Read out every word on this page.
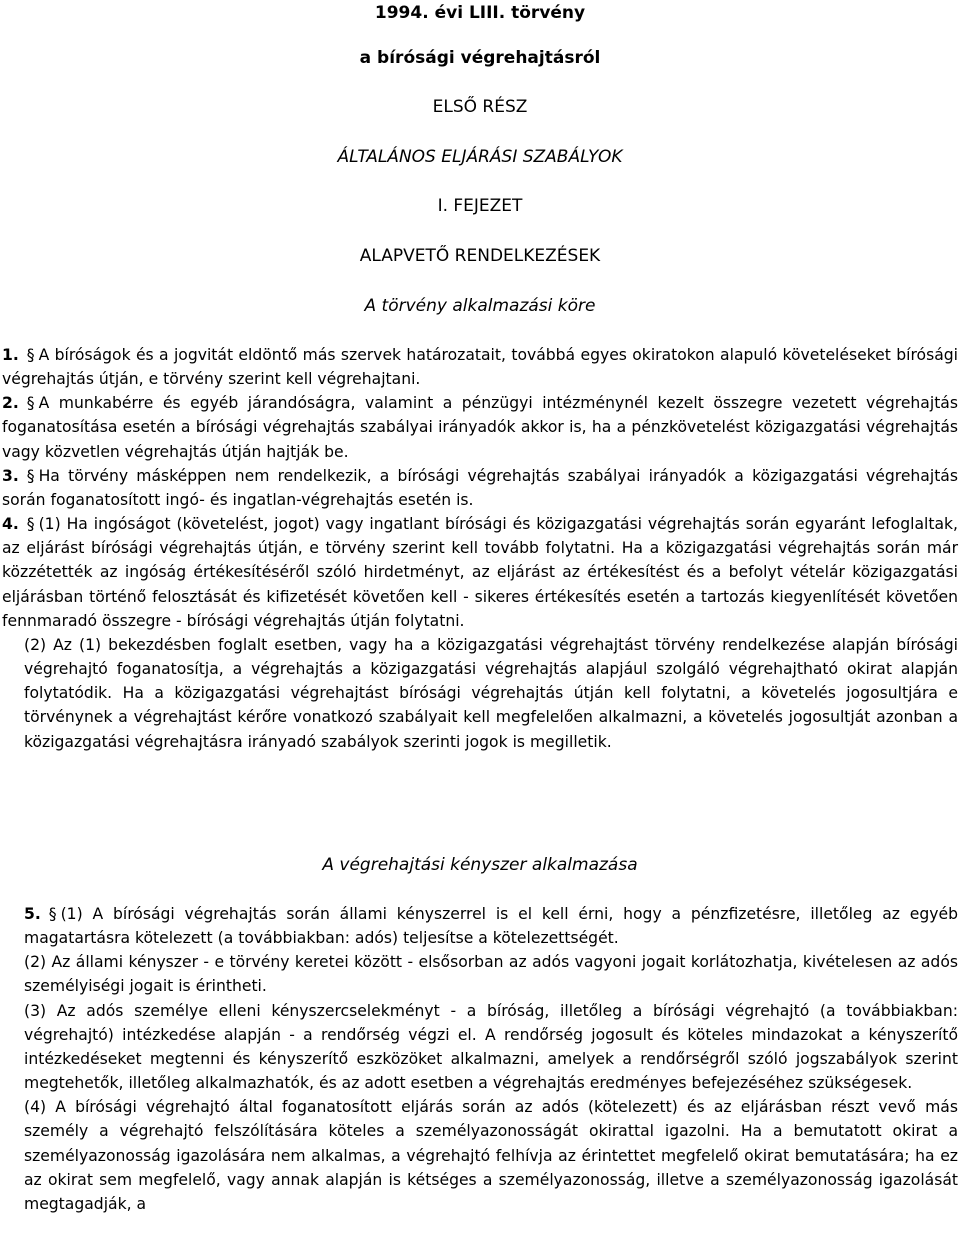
1994. évi LIII. törvény
a bírósági végrehajtásról
ELSŐ RÉSZ
ÁLTALÁNOS ELJÁRÁSI SZABÁLYOK
I. FEJEZET
ALAPVETŐ RENDELKEZÉSEK
A törvény alkalmazási köre

1. § A bíróságok és a jogvitát eldöntő más szervek határozatait, továbbá egyes okiratokon alapuló követeléseket bírósági végrehajtás útján, e törvény szerint kell végrehajtani.

2. § A munkabérre és egyéb járandóságra, valamint a pénzügyi intézménynél kezelt összegre vezetett végrehajtás foganatosítása esetén a bírósági végrehajtás szabályai irányadók akkor is, ha a pénzkövetelést közigazgatási végrehajtás vagy közvetlen végrehajtás útján hajtják be.

3. § Ha törvény másképpen nem rendelkezik, a bírósági végrehajtás szabályai irányadók a közigazgatási végrehajtás során foganatosított ingó- és ingatlan-végrehajtás esetén is.

4. § (1) Ha ingóságot (követelést, jogot) vagy ingatlant bírósági és közigazgatási végrehajtás során egyaránt lefoglaltak, az eljárást bírósági végrehajtás útján, e törvény szerint kell tovább folytatni. Ha a közigazgatási végrehajtás során már közzétették az ingóság értékesítéséről szóló hirdetményt, az eljárást az értékesítést és a befolyt vételár közigazgatási eljárásban történő felosztását és kifizetését követően kell - sikeres értékesítés esetén a tartozás kiegyenlítését követően fennmaradó összegre - bírósági végrehajtás útján folytatni.

(2) Az (1) bekezdésben foglalt esetben, vagy ha a közigazgatási végrehajtást törvény rendelkezése alapján bírósági végrehajtó foganatosítja, a végrehajtás a közigazgatási végrehajtás alapjául szolgáló végrehajtható okirat alapján folytatódik. Ha a közigazgatási végrehajtást bírósági végrehajtás útján kell folytatni, a követelés jogosultjára e törvénynek a végrehajtást kérőre vonatkozó szabályait kell megfelelően alkalmazni, a követelés jogosultját azonban a közigazgatási végrehajtásra irányadó szabályok szerinti jogok is megilletik.

A végrehajtási kényszer alkalmazása

5. § (1) A bírósági végrehajtás során állami kényszerrel is el kell érni, hogy a pénzfizetésre, illetőleg az egyéb magatartásra kötelezett (a továbbiakban: adós) teljesítse a kötelezettségét.

(2) Az állami kényszer - e törvény keretei között - elsősorban az adós vagyoni jogait korlátozhatja, kivételesen az adós személyiségi jogait is érintheti.

(3) Az adós személye elleni kényszercselekményt - a bíróság, illetőleg a bírósági végrehajtó (a továbbiakban: végrehajtó) intézkedése alapján - a rendőrség végzi el. A rendőrség jogosult és köteles mindazokat a kényszerítő intézkedéseket megtenni és kényszerítő eszközöket alkalmazni, amelyek a rendőrségről szóló jogszabályok szerint megtehetők, illetőleg alkalmazhatók, és az adott esetben a végrehajtás eredményes befejezéséhez szükségesek.

(4) A bírósági végrehajtó által foganatosított eljárás során az adós (kötelezett) és az eljárásban részt vevő más személy a végrehajtó felszólítására köteles a személyazonosságát okirattal igazolni. Ha a bemutatott okirat a személyazonosság igazolására nem alkalmas, a végrehajtó felhívja az érintettet megfelelő okirat bemutatására; ha ez az okirat sem megfelelő, vagy annak alapján is kétséges a személyazonosság, illetve a személyazonosság igazolását megtagadják, a
